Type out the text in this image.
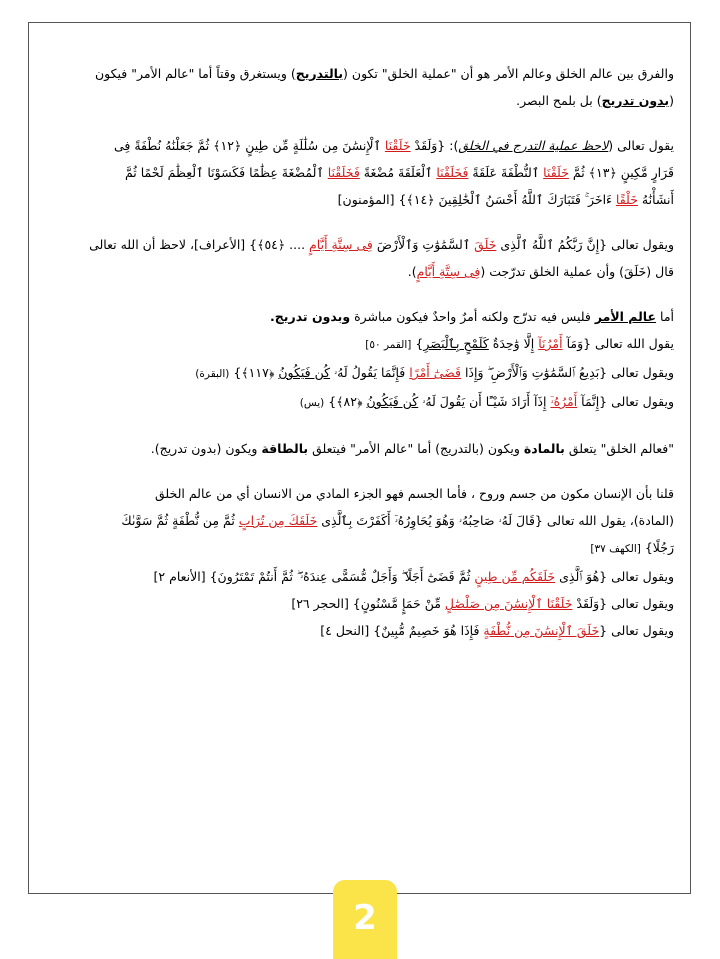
والفرق بين عالم الخلق وعالم الأمر هو أن "عملية الخلق" تكون (بالتدريج) ويستغرق وقتاً أما "عالم الأمر" فيكون

(بدون تدريج) بل بلمح البصر.

يقول تعالى (لاحظ عملية التدرج في الخلق): {وَلَقَدْ خَلَقْنَا ٱلْإِنسَٰنَ مِن سُلَٰلَةٍ مِّن طِينٍ ﴿١٢﴾ ثُمَّ جَعَلْنَٰهُ نُطْفَةً فِى

قَرَارٍ مَّكِينٍ ﴿١٣﴾ ثُمَّ خَلَقْنَا ٱلنُّطْفَةَ عَلَقَةً فَخَلَقْنَا ٱلْعَلَقَةَ مُضْغَةً فَخَلَقْنَا ٱلْمُضْغَةَ عِظَٰمًا فَكَسَوْنَا ٱلْعِظَٰمَ لَحْمًا ثُمَّ

أَنشَأْنَٰهُ خَلْقًا ءَاخَرَ ۚ فَتَبَارَكَ ٱللَّهُ أَحْسَنُ ٱلْخَٰلِقِينَ ﴿١٤﴾} [المؤمنون]

ويقول تعالى {إِنَّ رَبَّكُمُ ٱللَّهُ ٱلَّذِى خَلَقَ ٱلسَّمَٰوَٰتِ وَٱلْأَرْضَ فِى سِتَّةِ أَيَّامٍ .... ﴿٥٤﴾} [الأعراف]، لاحظ أن الله تعالى

قال (خَلَقَ) وأن عملية الخلق تدرّجت (فِى سِتَّةِ أَيَّامٍ).

أما عالم الأمر فليس فيه تدرّج ولكنه أمرٌ واحدٌ فيكون مباشرة وبدون تدريج.

يقول الله تعالى {وَمَآ أَمْرُنَآ إِلَّا وَٰحِدَةٌ كَلَمْحٍ بِٱلْبَصَرِ} [القمر ٥٠]

ويقول تعالى {بَدِيعُ ٱلسَّمَٰوَٰتِ وَٱلْأَرْضِ ۖ وَإِذَا قَضَىٰٓ أَمْرًا فَإِنَّمَا يَقُولُ لَهُۥ كُن فَيَكُونُ ﴿١١٧﴾} (البقرة)

ويقول تعالى {إِنَّمَآ أَمْرُهُۥٓ إِذَآ أَرَادَ شَيْـًٔا أَن يَقُولَ لَهُۥ كُن فَيَكُونُ ﴿٨٢﴾} (يس)

"فعالم الخلق" يتعلق بالمادة ويكون (بالتدريج) أما "عالم الأمر" فيتعلق بالطاقة ويكون (بدون تدريج).

قلنا بأن الإنسان مكون من جسم وروح ، فأما الجسم فهو الجزء المادي من الانسان أي من عالم الخلق

(المادة)، يقول الله تعالى {قَالَ لَهُۥ صَاحِبُهُۥ وَهُوَ يُحَاوِرُهُۥٓ أَكَفَرْتَ بِٱلَّذِى خَلَقَكَ مِن تُرَابٍ ثُمَّ مِن نُّطْفَةٍ ثُمَّ سَوَّىٰكَ

رَجُلًا} [الكهف ٣٧]

ويقول تعالى {هُوَ ٱلَّذِى خَلَقَكُم مِّن طِينٍ ثُمَّ قَضَىٰٓ أَجَلًا ۖ وَأَجَلٌ مُّسَمًّى عِندَهُۥ ۖ ثُمَّ أَنتُمْ تَمْتَرُونَ} [الأنعام ٢]

ويقول تعالى {وَلَقَدْ خَلَقْنَا ٱلْإِنسَٰنَ مِن صَلْصَٰلٍ مِّنْ حَمَإٍ مَّسْنُونٍ} [الحجر ٢٦]

ويقول تعالى {خَلَقَ ٱلْإِنسَٰنَ مِن نُّطْفَةٍ فَإِذَا هُوَ خَصِيمٌ مُّبِينٌ} [النحل ٤]

2
